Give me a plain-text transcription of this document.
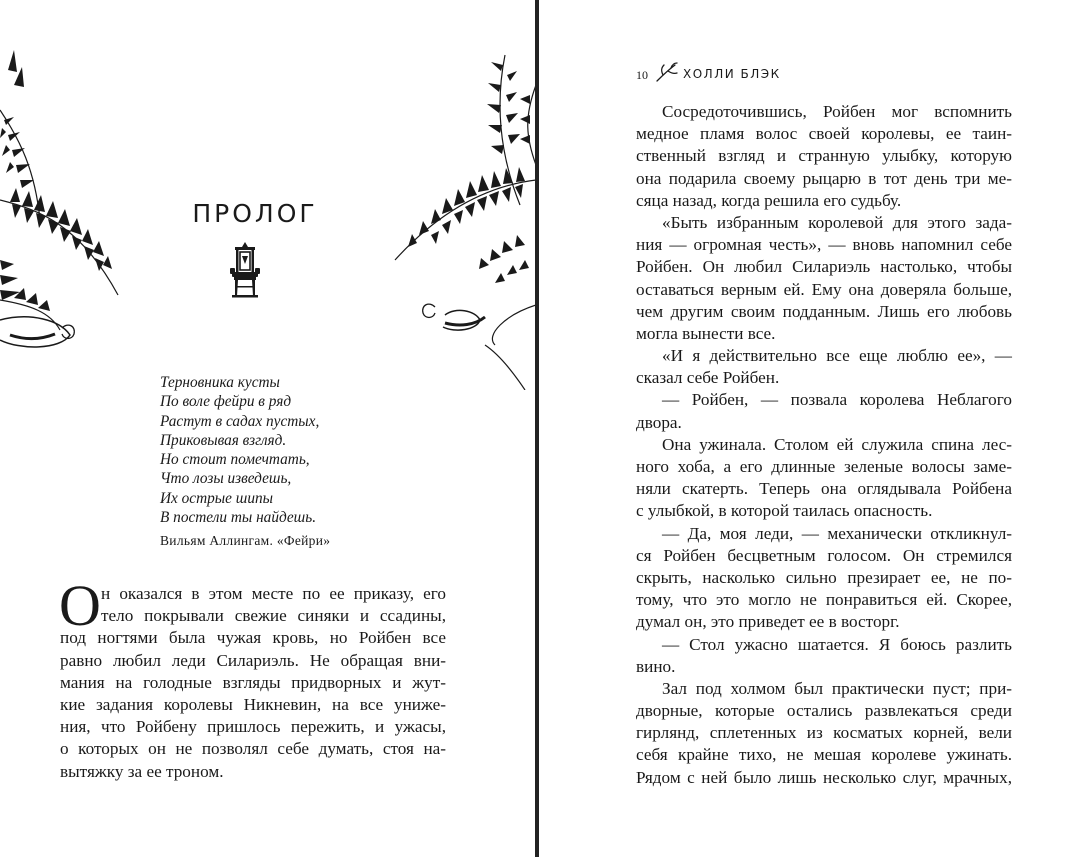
ПРОЛОГ
Терновника кусты
По воле фейри в ряд
Растут в садах пустых,
Приковывая взгляд.
Но стоит помечтать,
Что лозы изведешь,
Их острые шипы
В постели ты найдешь.
Вильям Аллингам. «Фейри»
О н оказался в этом месте по ее приказу, его
тело покрывали свежие синяки и ссадины,
под ногтями была чужая кровь, но Ройбен все
равно любил леди Силариэль. Не обращая вни-
мания на голодные взгляды придворных и жут-
кие задания королевы Никневин, на все униже-
ния, что Ройбену пришлось пережить, и ужасы,
о которых он не позволял себе думать, стоя на-
вытяжку за ее троном.
10	ХОЛЛИ БЛЭК
Сосредоточившись, Ройбен мог вспомнить
медное пламя волос своей королевы, ее таин-
ственный взгляд и странную улыбку, которую
она подарила своему рыцарю в тот день три ме-
сяца назад, когда решила его судьбу.
«Быть избранным королевой для этого зада-
ния — огромная честь», — вновь напомнил себе
Ройбен. Он любил Силариэль настолько, чтобы
оставаться верным ей. Ему она доверяла больше,
чем другим своим подданным. Лишь его любовь
могла вынести все.
«И я действительно все еще люблю ее», —
сказал себе Ройбен.
— Ройбен, — позвала королева Неблагого
двора.
Она ужинала. Столом ей служила спина лес-
ного хоба, а его длинные зеленые волосы заме-
няли скатерть. Теперь она оглядывала Ройбена
с улыбкой, в которой таилась опасность.
— Да, моя леди, — механически откликнул-
ся Ройбен бесцветным голосом. Он стремился
скрыть, насколько сильно презирает ее, не по-
тому, что это могло не понравиться ей. Скорее,
думал он, это приведет ее в восторг.
— Стол ужасно шатается. Я боюсь разлить
вино.
Зал под холмом был практически пуст; при-
дворные, которые остались развлекаться среди
гирлянд, сплетенных из косматых корней, вели
себя крайне тихо, не мешая королеве ужинать.
Рядом с ней было лишь несколько слуг, мрачных,
